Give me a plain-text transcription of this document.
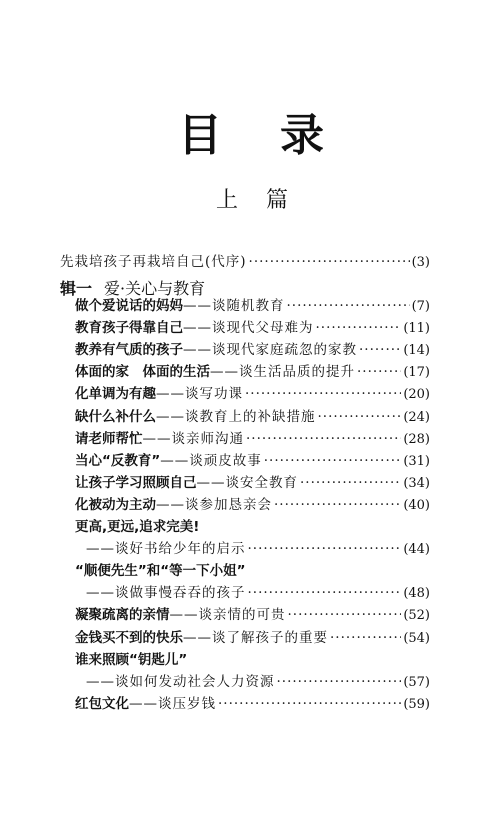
目 录
上 篇
先栽培孩子再栽培自己(代序) ·····	(3)
辑一 爱·关心与教育
做个爱说话的妈妈 —— 谈随机教育 ·····	(7)
教育孩子得靠自己 —— 谈现代父母难为 ·····	(11)
教养有气质的孩子 —— 谈现代家庭疏忽的家教 ·····	(14)
体面的家　体面的生活 —— 谈生活品质的提升 ·····	(17)
化单调为有趣 —— 谈写功课 ·····	(20)
缺什么补什么 —— 谈教育上的补缺措施 ·····	(24)
请老师帮忙 —— 谈亲师沟通 ·····	(28)
当心“反教育” —— 谈顽皮故事 ·····	(31)
让孩子学习照顾自己 —— 谈安全教育 ·····	(34)
化被动为主动 —— 谈参加恳亲会 ·····	(40)
更高,更远,追求完美!
—— 谈好书给少年的启示 ·····	(44)
“顺便先生”和“等一下小姐”
—— 谈做事慢吞吞的孩子 ·····	(48)
凝聚疏离的亲情 —— 谈亲情的可贵 ·····	(52)
金钱买不到的快乐 —— 谈了解孩子的重要 ·····	(54)
谁来照顾“钥匙儿”
—— 谈如何发动社会人力资源 ·····	(57)
红包文化 —— 谈压岁钱 ·····	(59)
